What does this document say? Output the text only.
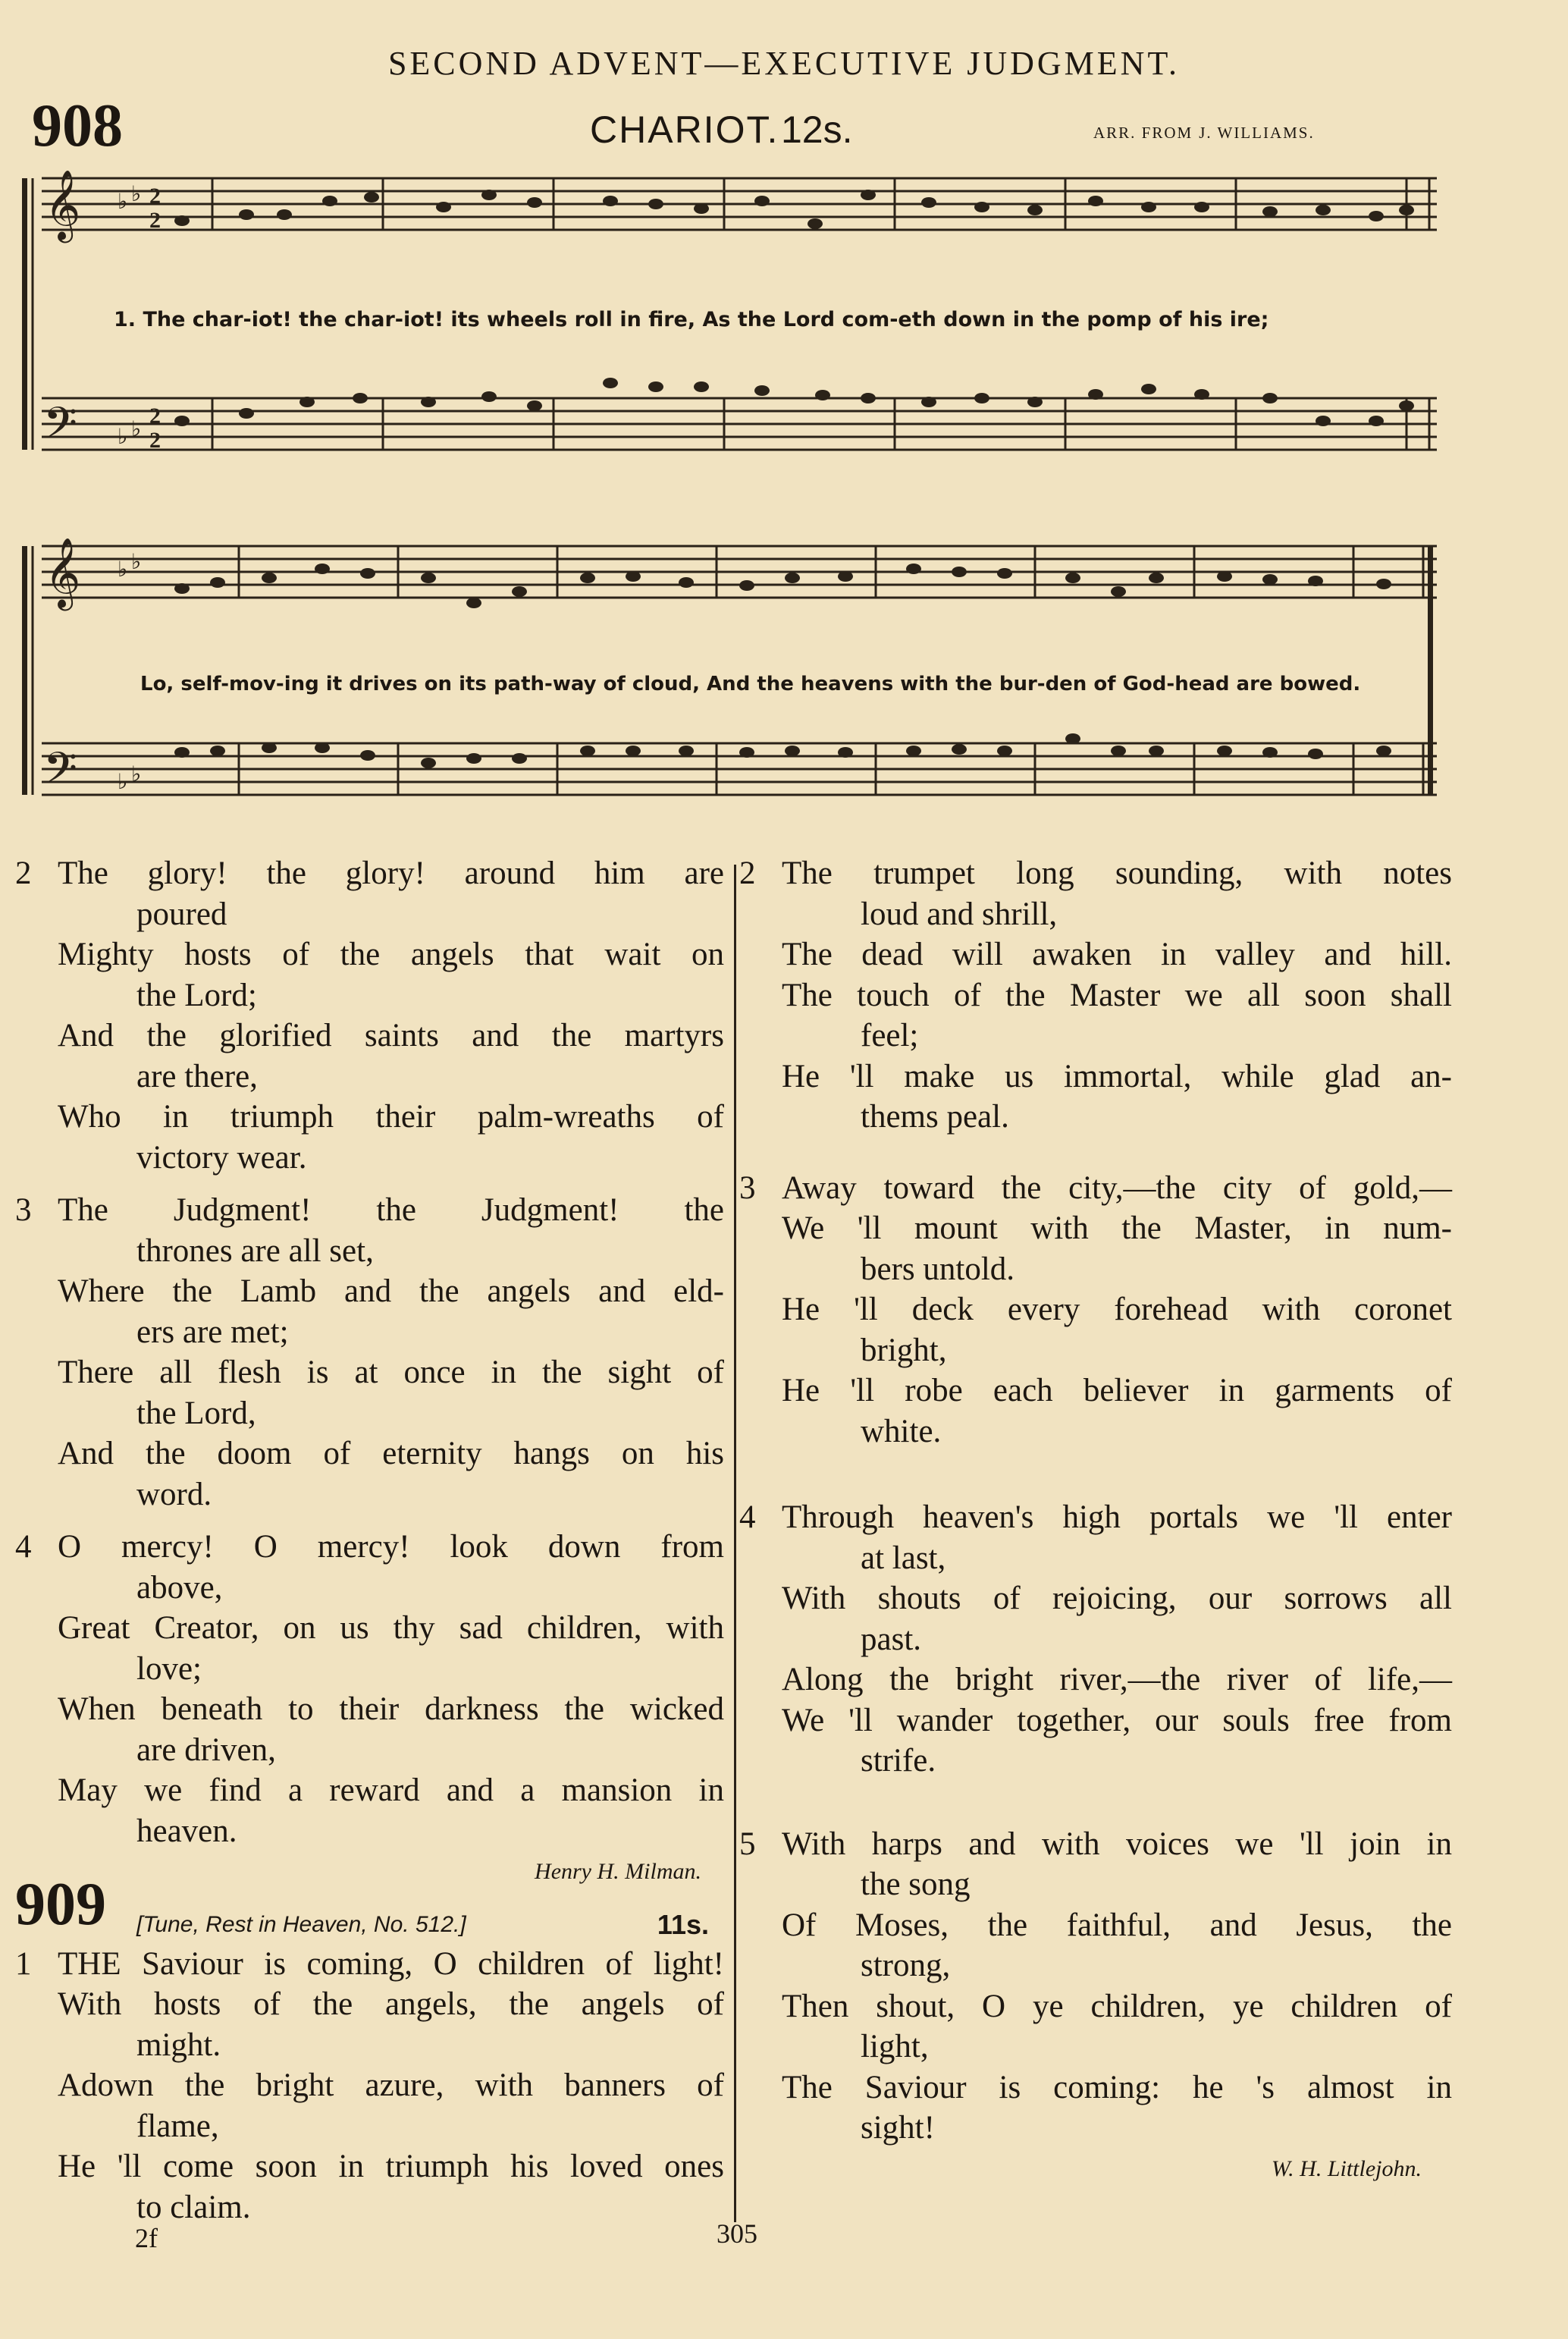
SECOND ADVENT—EXECUTIVE JUDGMENT.
908	CHARIOT. 12s.	ARR. FROM J. WILLIAMS.
𝄞
𝄢
♭ ♭
♭ ♭
2
2
2
2
1. The char-iot! the char-iot! its wheels roll in fire, As the Lord com-eth down in the pomp of his ire;
𝄞
𝄢
♭ ♭
♭ ♭
Lo, self-mov-ing it drives on its path-way of cloud, And the heavens with the bur-den of God-head are bowed.
2 The glory! the glory! around him are
poured
Mighty hosts of the angels that wait on
the Lord;
And the glorified saints and the martyrs
are there,
Who in triumph their palm-wreaths of
victory wear.
3 The Judgment! the Judgment! the
thrones are all set,
Where the Lamb and the angels and eld-
ers are met;
There all flesh is at once in the sight of
the Lord,
And the doom of eternity hangs on his
word.
4 O mercy! O mercy! look down from
above,
Great Creator, on us thy sad children, with
love;
When beneath to their darkness the wicked
are driven,
May we find a reward and a mansion in
heaven.
Henry H. Milman.
909 [Tune, Rest in Heaven, No. 512.]	11s.
1 THE Saviour is coming, O children of light!
With hosts of the angels, the angels of
might.
Adown the bright azure, with banners of
flame,
He 'll come soon in triumph his loved ones
to claim.
2 The trumpet long sounding, with notes
loud and shrill,
The dead will awaken in valley and hill.
The touch of the Master we all soon shall
feel;
He 'll make us immortal, while glad an-
thems peal.
3 Away toward the city,—the city of gold,—
We 'll mount with the Master, in num-
bers untold.
He 'll deck every forehead with coronet
bright,
He 'll robe each believer in garments of
white.
4 Through heaven's high portals we 'll enter
at last,
With shouts of rejoicing, our sorrows all
past.
Along the bright river,—the river of life,—
We 'll wander together, our souls free from
strife.
5 With harps and with voices we 'll join in
the song
Of Moses, the faithful, and Jesus, the
strong,
Then shout, O ye children, ye children of
light,
The Saviour is coming: he 's almost in
sight!
W. H. Littlejohn.
2f	305
